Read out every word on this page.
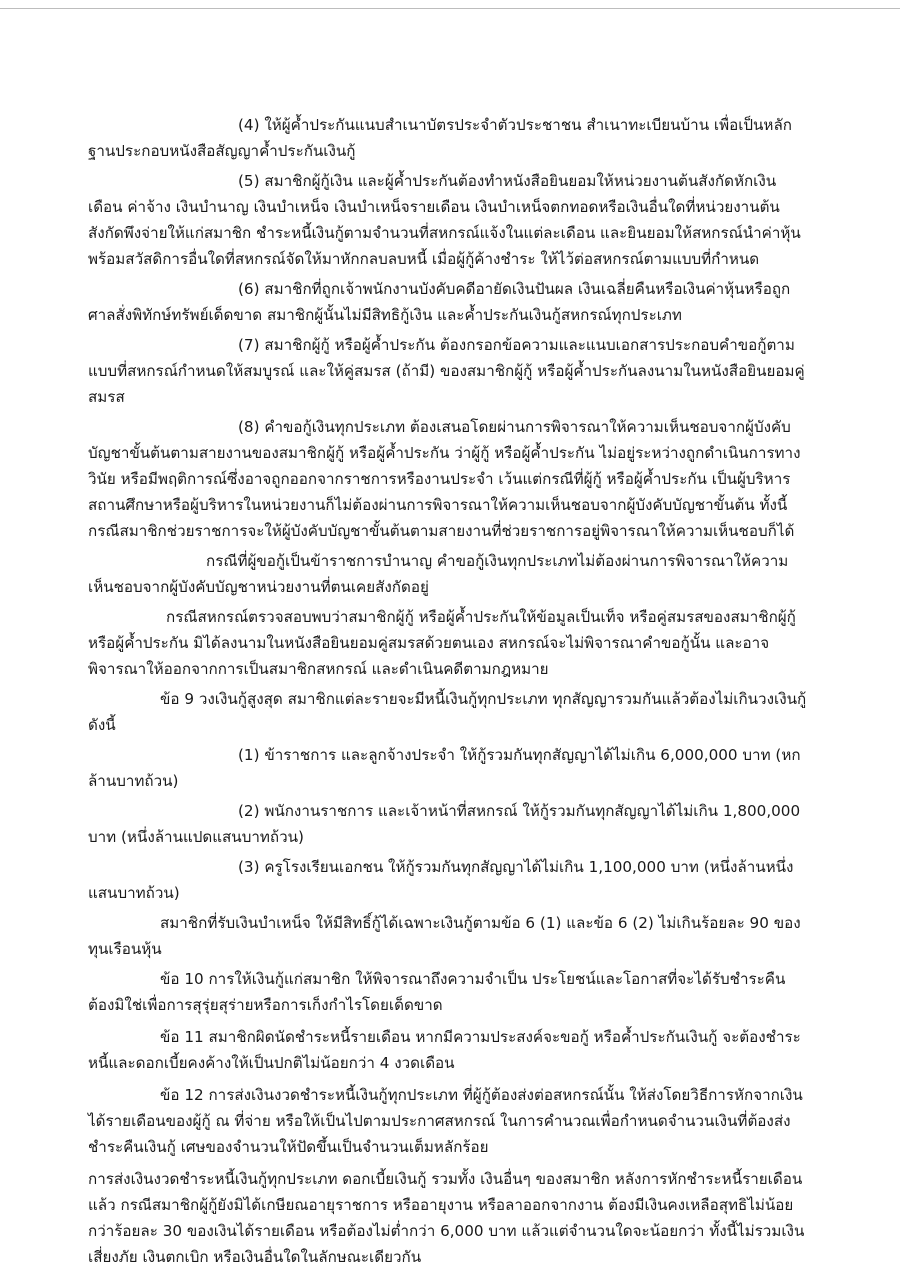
(4) ให้ผู้ค้ำประกันแนบสำเนาบัตรประจำตัวประชาชน สำเนาทะเบียนบ้าน เพื่อเป็นหลักฐานประกอบหนังสือสัญญาค้ำประกันเงินกู้

(5) สมาชิกผู้กู้เงิน และผู้ค้ำประกันต้องทำหนังสือยินยอมให้หน่วยงานต้นสังกัดหักเงินเดือน ค่าจ้าง เงินบำนาญ เงินบำเหน็จ เงินบำเหน็จรายเดือน เงินบำเหน็จตกทอดหรือเงินอื่นใดที่หน่วยงานต้นสังกัดพึงจ่ายให้แก่สมาชิก ชำระหนี้เงินกู้ตามจำนวนที่สหกรณ์แจ้งในแต่ละเดือน และยินยอมให้สหกรณ์นำค่าหุ้น พร้อมสวัสดิการอื่นใดที่สหกรณ์จัดให้มาหักกลบลบหนี้ เมื่อผู้กู้ค้างชำระ ให้ไว้ต่อสหกรณ์ตามแบบที่กำหนด

(6) สมาชิกที่ถูกเจ้าพนักงานบังคับคดีอายัดเงินปันผล เงินเฉลี่ยคืนหรือเงินค่าหุ้นหรือถูกศาลสั่งพิทักษ์ทรัพย์เด็ดขาด สมาชิกผู้นั้นไม่มีสิทธิกู้เงิน และค้ำประกันเงินกู้สหกรณ์ทุกประเภท

(7) สมาชิกผู้กู้ หรือผู้ค้ำประกัน ต้องกรอกข้อความและแนบเอกสารประกอบคำขอกู้ตามแบบที่สหกรณ์กำหนดให้สมบูรณ์ และให้คู่สมรส (ถ้ามี) ของสมาชิกผู้กู้ หรือผู้ค้ำประกันลงนามในหนังสือยินยอมคู่สมรส

(8) คำขอกู้เงินทุกประเภท ต้องเสนอโดยผ่านการพิจารณาให้ความเห็นชอบจากผู้บังคับบัญชาขั้นต้นตามสายงานของสมาชิกผู้กู้ หรือผู้ค้ำประกัน ว่าผู้กู้ หรือผู้ค้ำประกัน ไม่อยู่ระหว่างถูกดำเนินการทางวินัย หรือมีพฤติการณ์ซึ่งอาจถูกออกจากราชการหรืองานประจำ เว้นแต่กรณีที่ผู้กู้ หรือผู้ค้ำประกัน เป็นผู้บริหารสถานศึกษาหรือผู้บริหารในหน่วยงานก็ไม่ต้องผ่านการพิจารณาให้ความเห็นชอบจากผู้บังคับบัญชาขั้นต้น ทั้งนี้ กรณีสมาชิกช่วยราชการจะให้ผู้บังคับบัญชาขั้นต้นตามสายงานที่ช่วยราชการอยู่พิจารณาให้ความเห็นชอบก็ได้

กรณีที่ผู้ขอกู้เป็นข้าราชการบำนาญ คำขอกู้เงินทุกประเภทไม่ต้องผ่านการพิจารณาให้ความเห็นชอบจากผู้บังคับบัญชาหน่วยงานที่ตนเคยสังกัดอยู่

กรณีสหกรณ์ตรวจสอบพบว่าสมาชิกผู้กู้ หรือผู้ค้ำประกันให้ข้อมูลเป็นเท็จ หรือคู่สมรสของสมาชิกผู้กู้ หรือผู้ค้ำประกัน มิได้ลงนามในหนังสือยินยอมคู่สมรสด้วยตนเอง สหกรณ์จะไม่พิจารณาคำขอกู้นั้น และอาจพิจารณาให้ออกจากการเป็นสมาชิกสหกรณ์ และดำเนินคดีตามกฎหมาย

ข้อ 9 วงเงินกู้สูงสุด สมาชิกแต่ละรายจะมีหนี้เงินกู้ทุกประเภท ทุกสัญญารวมกันแล้วต้องไม่เกินวงเงินกู้ ดังนี้

(1) ข้าราชการ และลูกจ้างประจำ ให้กู้รวมกันทุกสัญญาได้ไม่เกิน 6,000,000 บาท (หกล้านบาทถ้วน)

(2) พนักงานราชการ และเจ้าหน้าที่สหกรณ์ ให้กู้รวมกันทุกสัญญาได้ไม่เกิน 1,800,000 บาท (หนึ่งล้านแปดแสนบาทถ้วน)

(3) ครูโรงเรียนเอกชน ให้กู้รวมกันทุกสัญญาได้ไม่เกิน 1,100,000 บาท (หนึ่งล้านหนึ่งแสนบาทถ้วน)

สมาชิกที่รับเงินบำเหน็จ ให้มีสิทธิ์กู้ได้เฉพาะเงินกู้ตามข้อ 6 (1) และข้อ 6 (2) ไม่เกินร้อยละ 90 ของทุนเรือนหุ้น

ข้อ 10 การให้เงินกู้แก่สมาชิก ให้พิจารณาถึงความจำเป็น ประโยชน์และโอกาสที่จะได้รับชำระคืน ต้องมิใช่เพื่อการสุรุ่ยสุร่ายหรือการเก็งกำไรโดยเด็ดขาด

ข้อ 11 สมาชิกผิดนัดชำระหนี้รายเดือน หากมีความประสงค์จะขอกู้ หรือค้ำประกันเงินกู้ จะต้องชำระหนี้และดอกเบี้ยคงค้างให้เป็นปกติไม่น้อยกว่า 4 งวดเดือน

ข้อ 12 การส่งเงินงวดชำระหนี้เงินกู้ทุกประเภท ที่ผู้กู้ต้องส่งต่อสหกรณ์นั้น ให้ส่งโดยวิธีการหักจากเงินได้รายเดือนของผู้กู้ ณ ที่จ่าย หรือให้เป็นไปตามประกาศสหกรณ์ ในการคำนวณเพื่อกำหนดจำนวนเงินที่ต้องส่งชำระคืนเงินกู้ เศษของจำนวนให้ปัดขึ้นเป็นจำนวนเต็มหลักร้อย

การส่งเงินงวดชำระหนี้เงินกู้ทุกประเภท ดอกเบี้ยเงินกู้ รวมทั้ง เงินอื่นๆ ของสมาชิก หลังการหักชำระหนี้รายเดือนแล้ว กรณีสมาชิกผู้กู้ยังมิได้เกษียณอายุราชการ หรืออายุงาน หรือลาออกจากงาน ต้องมีเงินคงเหลือสุทธิไม่น้อยกว่าร้อยละ 30 ของเงินได้รายเดือน หรือต้องไม่ต่ำกว่า 6,000 บาท แล้วแต่จำนวนใดจะน้อยกว่า ทั้งนี้ไม่รวมเงินเสี่ยงภัย เงินตกเบิก หรือเงินอื่นใดในลักษณะเดียวกัน
